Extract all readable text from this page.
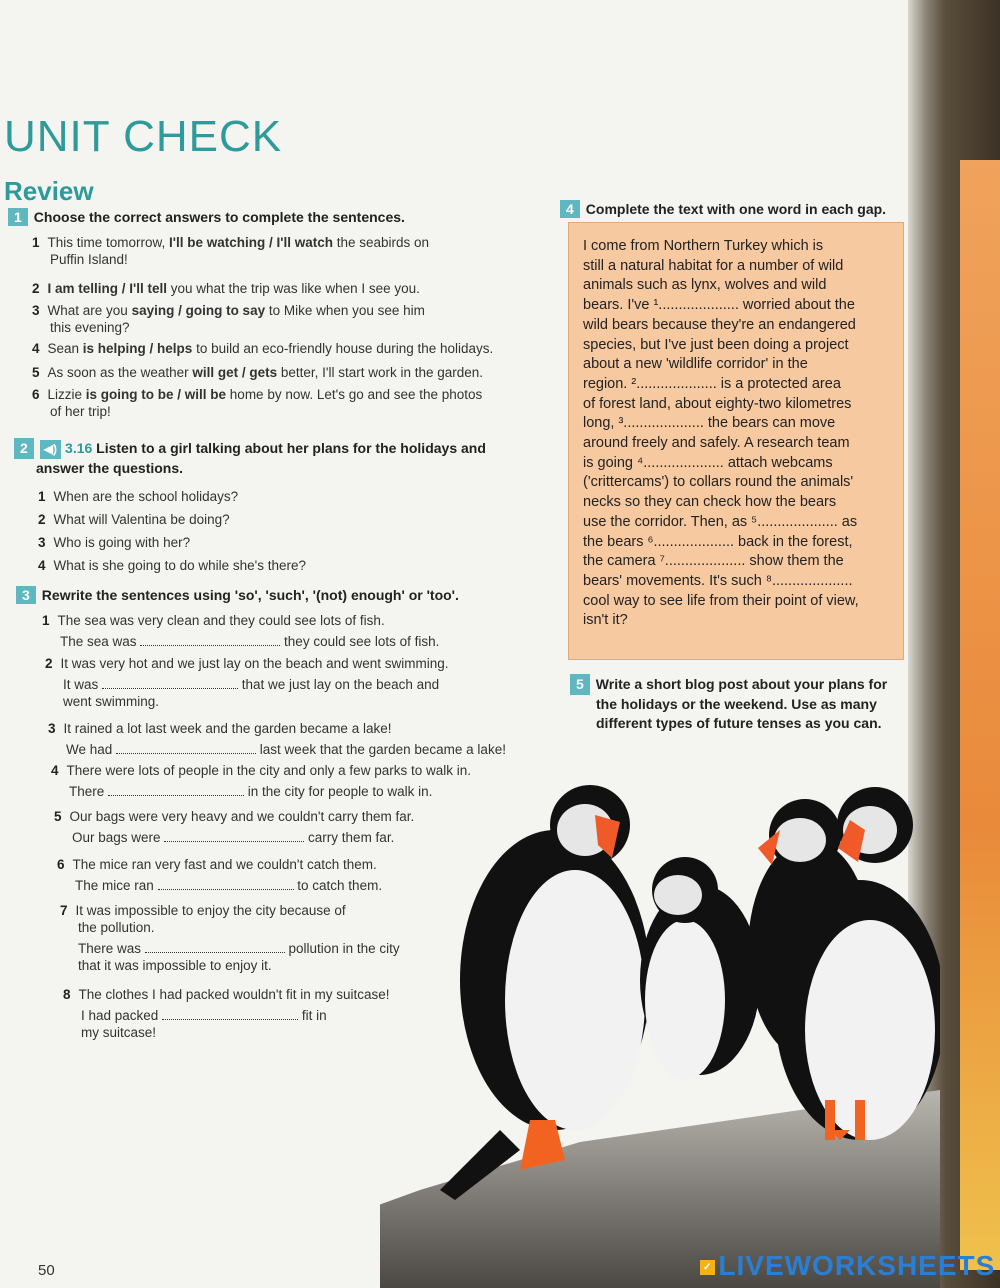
UNIT CHECK
Review
1 Choose the correct answers to complete the sentences.
1 This time tomorrow, I'll be watching / I'll watch the seabirds on
Puffin Island!
2 I am telling / I'll tell you what the trip was like when I see you.
3 What are you saying / going to say to Mike when you see him
this evening?
4 Sean is helping / helps to build an eco-friendly house during the holidays.
5 As soon as the weather will get / gets better, I'll start work in the garden.
6 Lizzie is going to be / will be home by now. Let's go and see the photos
of her trip!
2 ◀) 3.16 Listen to a girl talking about her plans for the holidays and
answer the questions.
1 When are the school holidays?
2 What will Valentina be doing?
3 Who is going with her?
4 What is she going to do while she's there?
3 Rewrite the sentences using 'so', 'such', '(not) enough' or 'too'.
1 The sea was very clean and they could see lots of fish.
The sea was	they could see lots of fish.
2 It was very hot and we just lay on the beach and went swimming.
It was	that we just lay on the beach and
went swimming.
3 It rained a lot last week and the garden became a lake!
We had	last week that the garden became a lake!
4 There were lots of people in the city and only a few parks to walk in.
There	in the city for people to walk in.
5 Our bags were very heavy and we couldn't carry them far.
Our bags were	carry them far.
6 The mice ran very fast and we couldn't catch them.
The mice ran	to catch them.
7 It was impossible to enjoy the city because of
the pollution.
There was	pollution in the city
that it was impossible to enjoy it.
8 The clothes I had packed wouldn't fit in my suitcase!
I had packed	fit in
my suitcase!
4 Complete the text with one word in each gap.
I come from Northern Turkey which is
still a natural habitat for a number of wild
animals such as lynx, wolves and wild
bears. I've ¹.................... worried about the
wild bears because they're an endangered
species, but I've just been doing a project
about a new 'wildlife corridor' in the
region. ².................... is a protected area
of forest land, about eighty-two kilometres
long, ³.................... the bears can move
around freely and safely. A research team
is going ⁴.................... attach webcams
('crittercams') to collars round the animals'
necks so they can check how the bears
use the corridor. Then, as ⁵.................... as
the bears ⁶.................... back in the forest,
the camera ⁷.................... show them the
bears' movements. It's such ⁸....................
cool way to see life from their point of view,
isn't it?
5 Write a short blog post about your plans for
the holidays or the weekend. Use as many
different types of future tenses as you can.
50	✓ LIVEWORKSHEETS
